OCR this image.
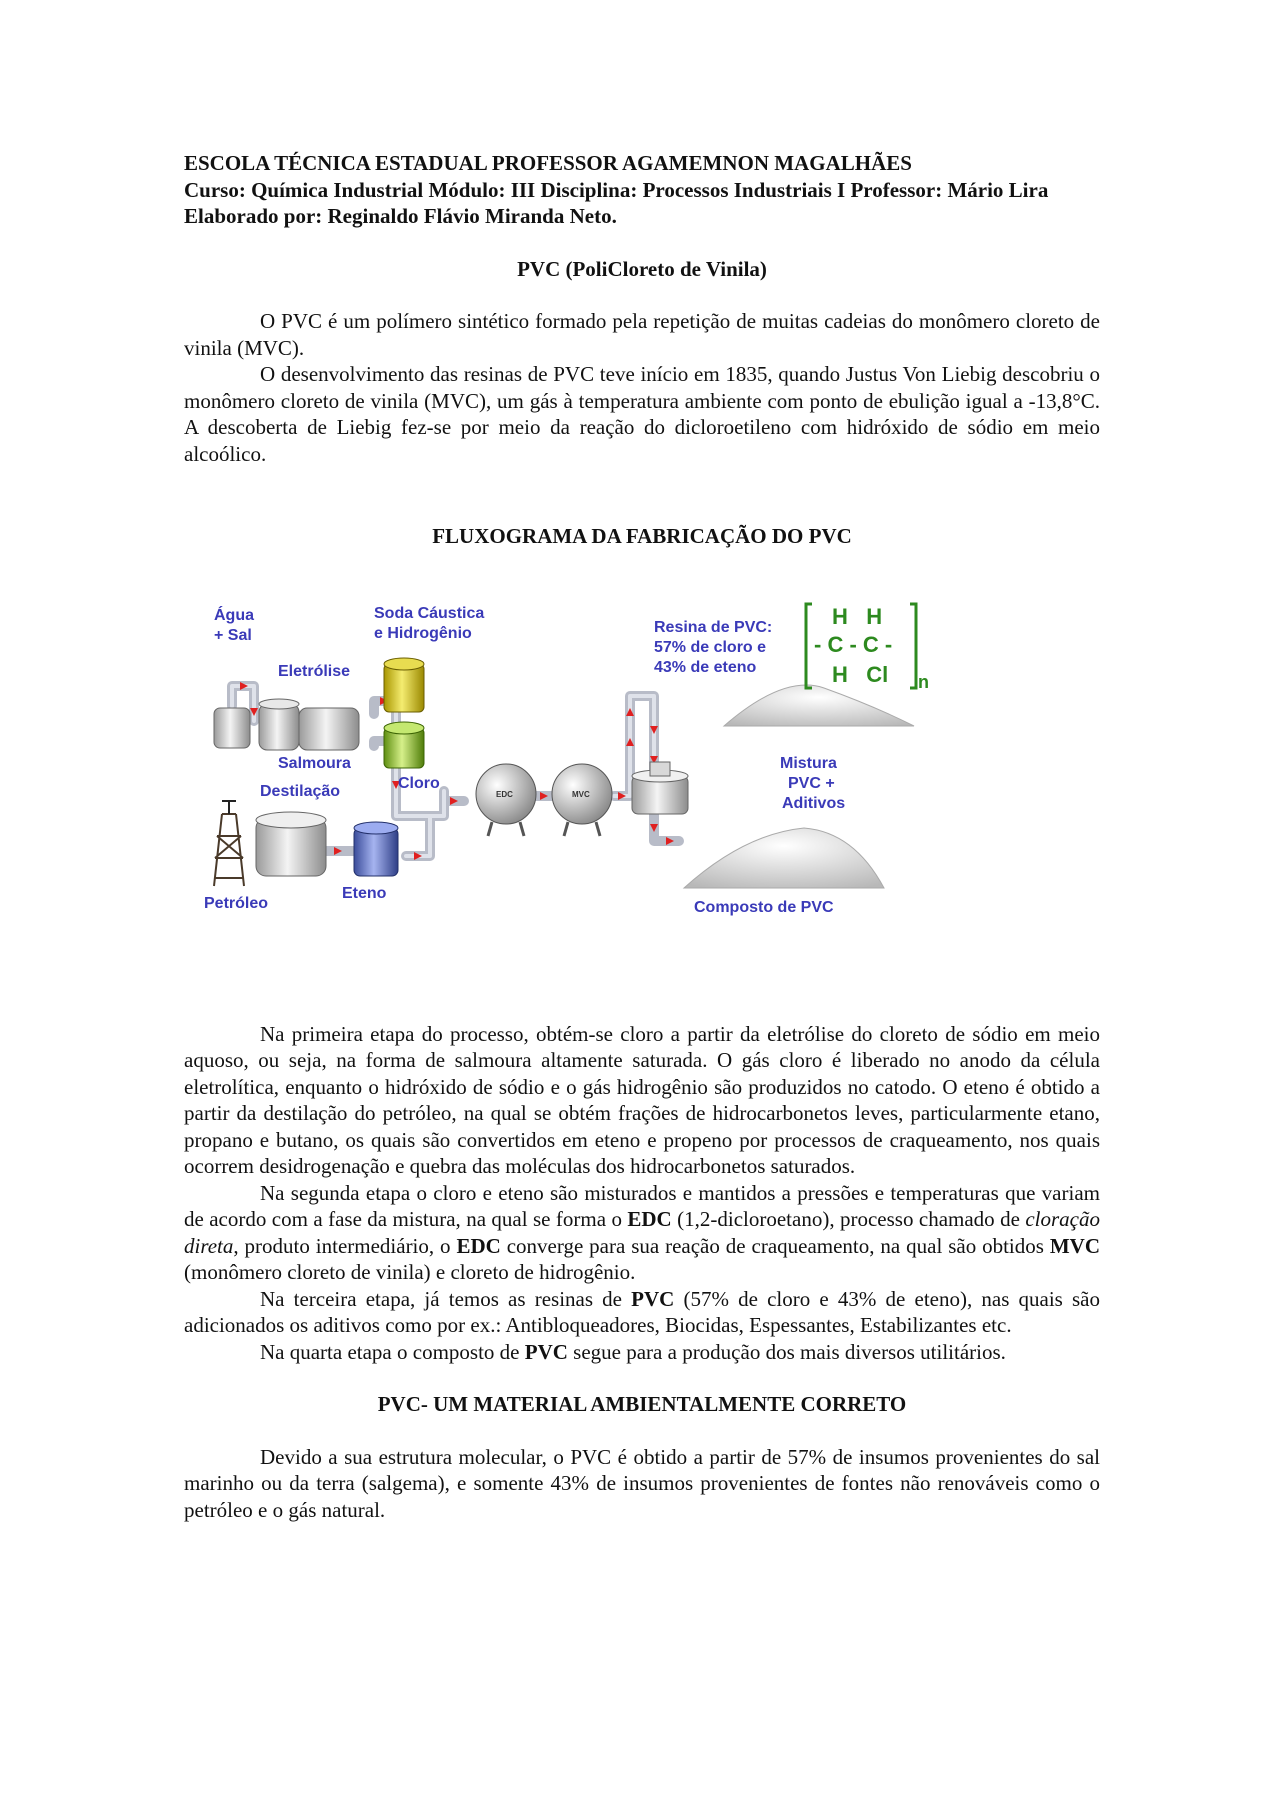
ESCOLA TÉCNICA ESTADUAL PROFESSOR AGAMEMNON MAGALHÃES

Curso: Química Industrial Módulo: III Disciplina: Processos Industriais I Professor: Mário Lira

Elaborado por: Reginaldo Flávio Miranda Neto.

PVC (PoliCloreto de Vinila)

O PVC é um polímero sintético formado pela repetição de muitas cadeias do monômero cloreto de vinila (MVC).

O desenvolvimento das resinas de PVC teve início em 1835, quando Justus Von Liebig descobriu o monômero cloreto de vinila (MVC), um gás à temperatura ambiente com ponto de ebulição igual a -13,8°C. A descoberta de Liebig fez-se por meio da reação do dicloroetileno com hidróxido de sódio em meio alcoólico.

FLUXOGRAMA DA FABRICAÇÃO DO PVC

Água
+ Sal
Soda Cáustica
e Hidrogênio
Eletrólise
Salmoura
Cloro
Destilação
Petróleo
Eteno
EDC	MVC
Resina de PVC:
57% de cloro e
43% de eteno
Mistura
PVC +
Aditivos
Composto de PVC
H   H
- C - C -
H   Cl n

Na primeira etapa do processo, obtém-se cloro a partir da eletrólise do cloreto de sódio em meio aquoso, ou seja, na forma de salmoura altamente saturada. O gás cloro é liberado no anodo da célula eletrolítica, enquanto o hidróxido de sódio e o gás hidrogênio são produzidos no catodo. O eteno é obtido a partir da destilação do petróleo, na qual se obtém frações de hidrocarbonetos leves, particularmente etano, propano e butano, os quais são convertidos em eteno e propeno por processos de craqueamento, nos quais ocorrem desidrogenação e quebra das moléculas dos hidrocarbonetos saturados.

Na segunda etapa o cloro e eteno são misturados e mantidos a pressões e temperaturas que variam de acordo com a fase da mistura, na qual se forma o EDC (1,2-dicloroetano), processo chamado de cloração direta, produto intermediário, o EDC converge para sua reação de craqueamento, na qual são obtidos MVC (monômero cloreto de vinila) e cloreto de hidrogênio.

Na terceira etapa, já temos as resinas de PVC (57% de cloro e 43% de eteno), nas quais são adicionados os aditivos como por ex.: Antibloqueadores, Biocidas, Espessantes, Estabilizantes etc.

Na quarta etapa o composto de PVC segue para a produção dos mais diversos utilitários.

PVC- UM MATERIAL AMBIENTALMENTE CORRETO

Devido a sua estrutura molecular, o PVC é obtido a partir de 57% de insumos provenientes do sal marinho ou da terra (salgema), e somente 43% de insumos provenientes de fontes não renováveis como o petróleo e o gás natural.
